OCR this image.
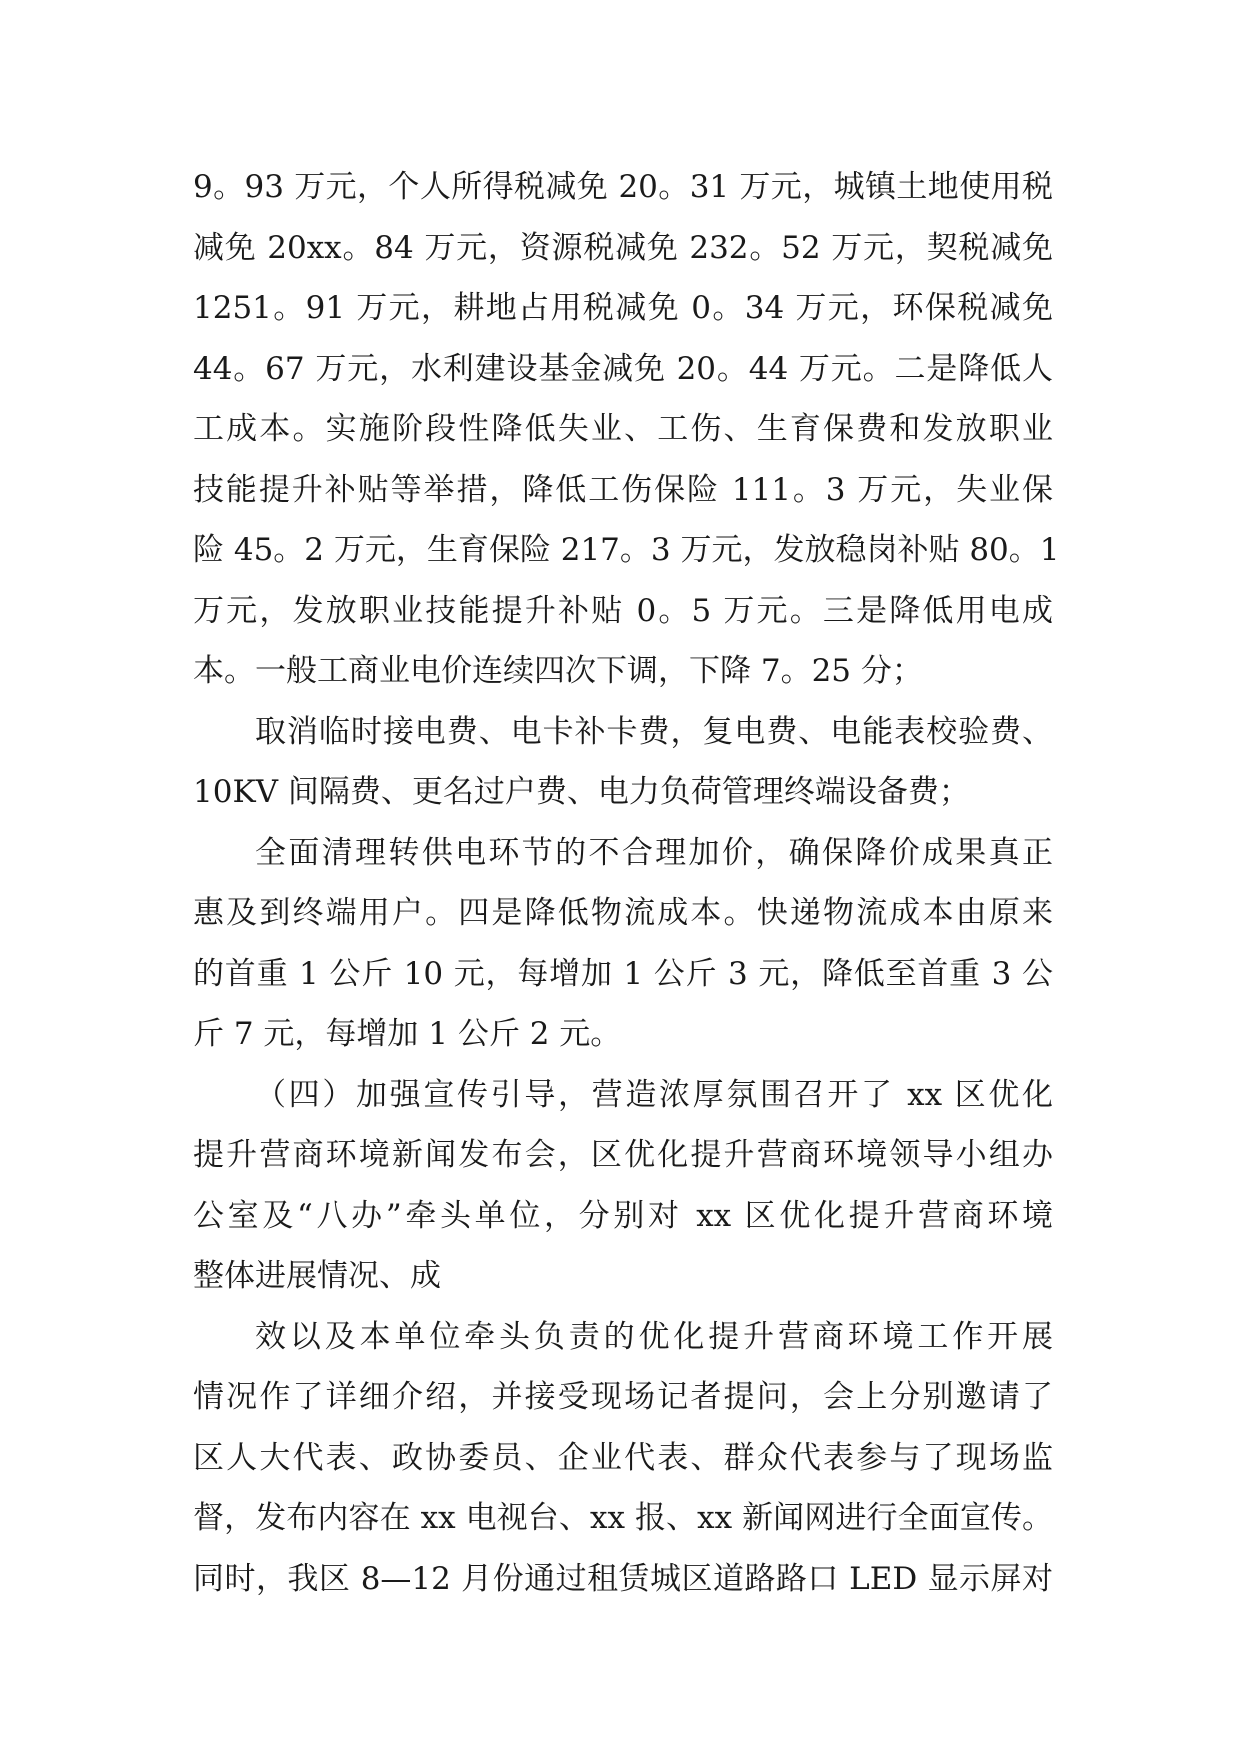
9。93 万元，个人所得税减免 20。31 万元，城镇土地使用税
减免 20xx。84 万元，资源税减免 232。52 万元，契税减免
1251。91 万元，耕地占用税减免 0。34 万元，环保税减免
44。67 万元，水利建设基金减免 20。44 万元。二是降低人
工成本。实施阶段性降低失业、工伤、生育保费和发放职业
技能提升补贴等举措，降低工伤保险 111。3 万元，失业保
险 45。2 万元，生育保险 217。3 万元，发放稳岗补贴 80。1
万元，发放职业技能提升补贴 0。5 万元。三是降低用电成
本。一般工商业电价连续四次下调，下降 7。25 分；
取消临时接电费、电卡补卡费，复电费、电能表校验费、
10KV 间隔费、更名过户费、电力负荷管理终端设备费；
全面清理转供电环节的不合理加价，确保降价成果真正
惠及到终端用户。四是降低物流成本。快递物流成本由原来
的首重 1 公斤 10 元，每增加 1 公斤 3 元，降低至首重 3 公
斤 7 元，每增加 1 公斤 2 元。
（四）加强宣传引导，营造浓厚氛围召开了 xx 区优化
提升营商环境新闻发布会，区优化提升营商环境领导小组办
公室及“八办”牵头单位，分别对 xx 区优化提升营商环境
整体进展情况、成
效以及本单位牵头负责的优化提升营商环境工作开展
情况作了详细介绍，并接受现场记者提问，会上分别邀请了
区人大代表、政协委员、企业代表、群众代表参与了现场监
督，发布内容在 xx 电视台、xx 报、xx 新闻网进行全面宣传。
同时，我区 8—12 月份通过租赁城区道路路口 LED 显示屏对
